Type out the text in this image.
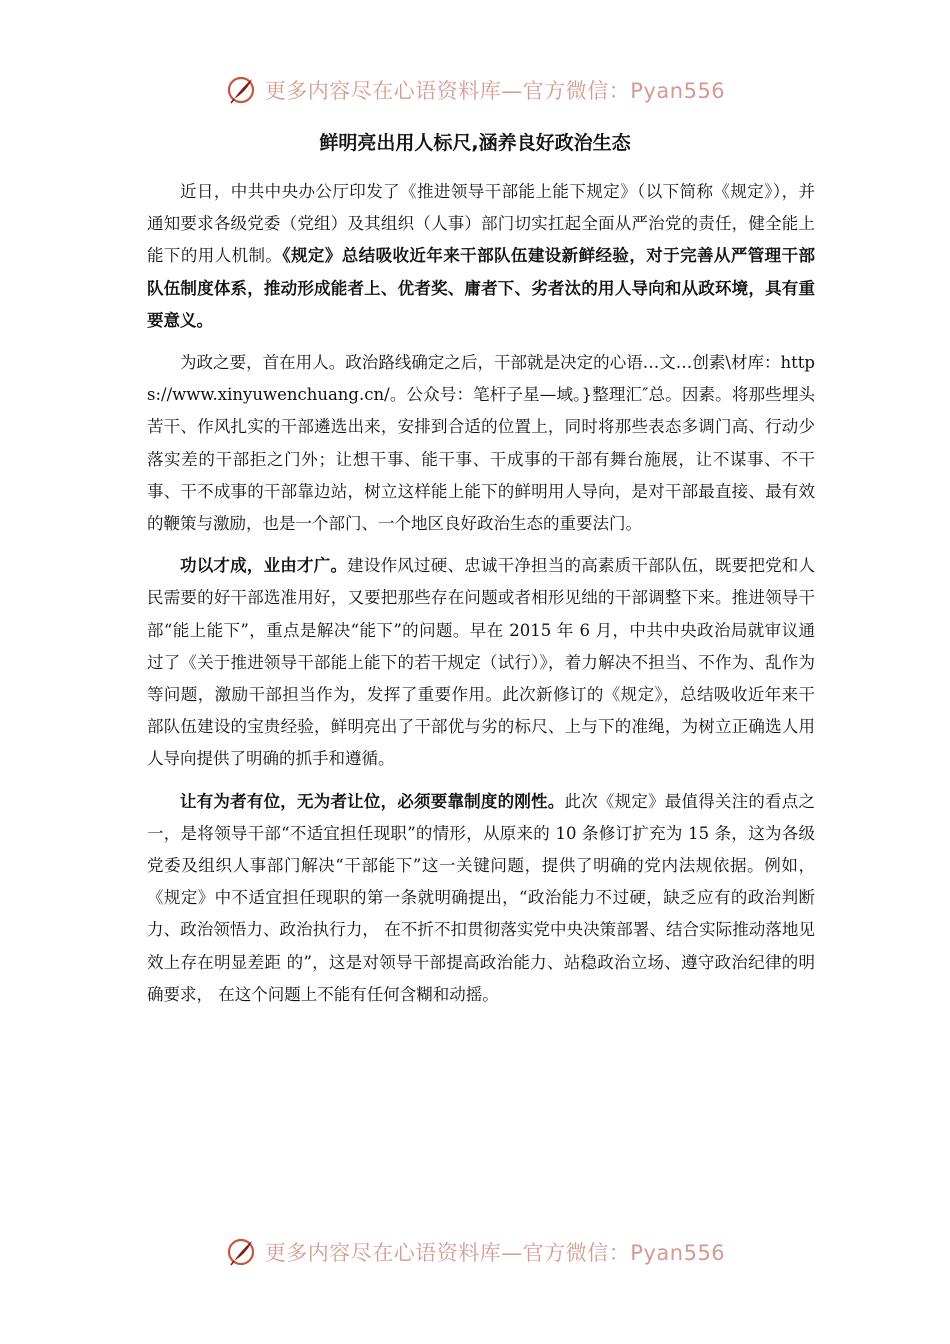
更多内容尽在心语资料库—官方微信：Pyan556
鲜明亮出用人标尺,涵养良好政治生态

近日，中共中央办公厅印发了《推进领导干部能上能下规定》（以下简称《规定》），并通知要求各级党委（党组）及其组织（人事）部门切实扛起全面从严治党的责任，健全能上能下的用人机制。《规定》总结吸收近年来干部队伍建设新鲜经验，对于完善从严管理干部队伍制度体系，推动形成能者上、优者奖、庸者下、劣者汰的用人导向和从政环境，具有重要意义。

为政之要，首在用人。政治路线确定之后，干部就是决定的心语…文…创素\材库：https://www.xinyuwenchuang.cn/。公众号：笔杆子星—域。}整理汇″总。因素。将那些埋头苦干、作风扎实的干部遴选出来，安排到合适的位置上，同时将那些表态多调门高、行动少落实差的干部拒之门外；让想干事、能干事、干成事的干部有舞台施展，让不谋事、不干事、干不成事的干部靠边站，树立这样能上能下的鲜明用人导向，是对干部最直接、最有效的鞭策与激励，也是一个部门、一个地区良好政治生态的重要法门。

功以才成，业由才广。建设作风过硬、忠诚干净担当的高素质干部队伍，既要把党和人民需要的好干部选准用好，又要把那些存在问题或者相形见绌的干部调整下来。推进领导干部“能上能下”，重点是解决“能下”的问题。早在 2015 年 6 月，中共中央政治局就审议通过了《关于推进领导干部能上能下的若干规定（试行）》，着力解决不担当、不作为、乱作为等问题，激励干部担当作为，发挥了重要作用。此次新修订的《规定》，总结吸收近年来干部队伍建设的宝贵经验，鲜明亮出了干部优与劣的标尺、上与下的准绳，为树立正确选人用人导向提供了明确的抓手和遵循。

让有为者有位，无为者让位，必须要靠制度的刚性。此次《规定》最值得关注的看点之一，是将领导干部“不适宜担任现职”的情形，从原来的 10 条修订扩充为 15 条，这为各级党委及组织人事部门解决“干部能下”这一关键问题，提供了明确的党内法规依据。例如，《规定》中不适宜担任现职的第一条就明确提出，“政治能力不过硬，缺乏应有的政治判断力、政治领悟力、政治执行力， 在不折不扣贯彻落实党中央决策部署、结合实际推动落地见效上存在明显差距 的”，这是对领导干部提高政治能力、站稳政治立场、遵守政治纪律的明确要求， 在这个问题上不能有任何含糊和动摇。

更多内容尽在心语资料库—官方微信：Pyan556
